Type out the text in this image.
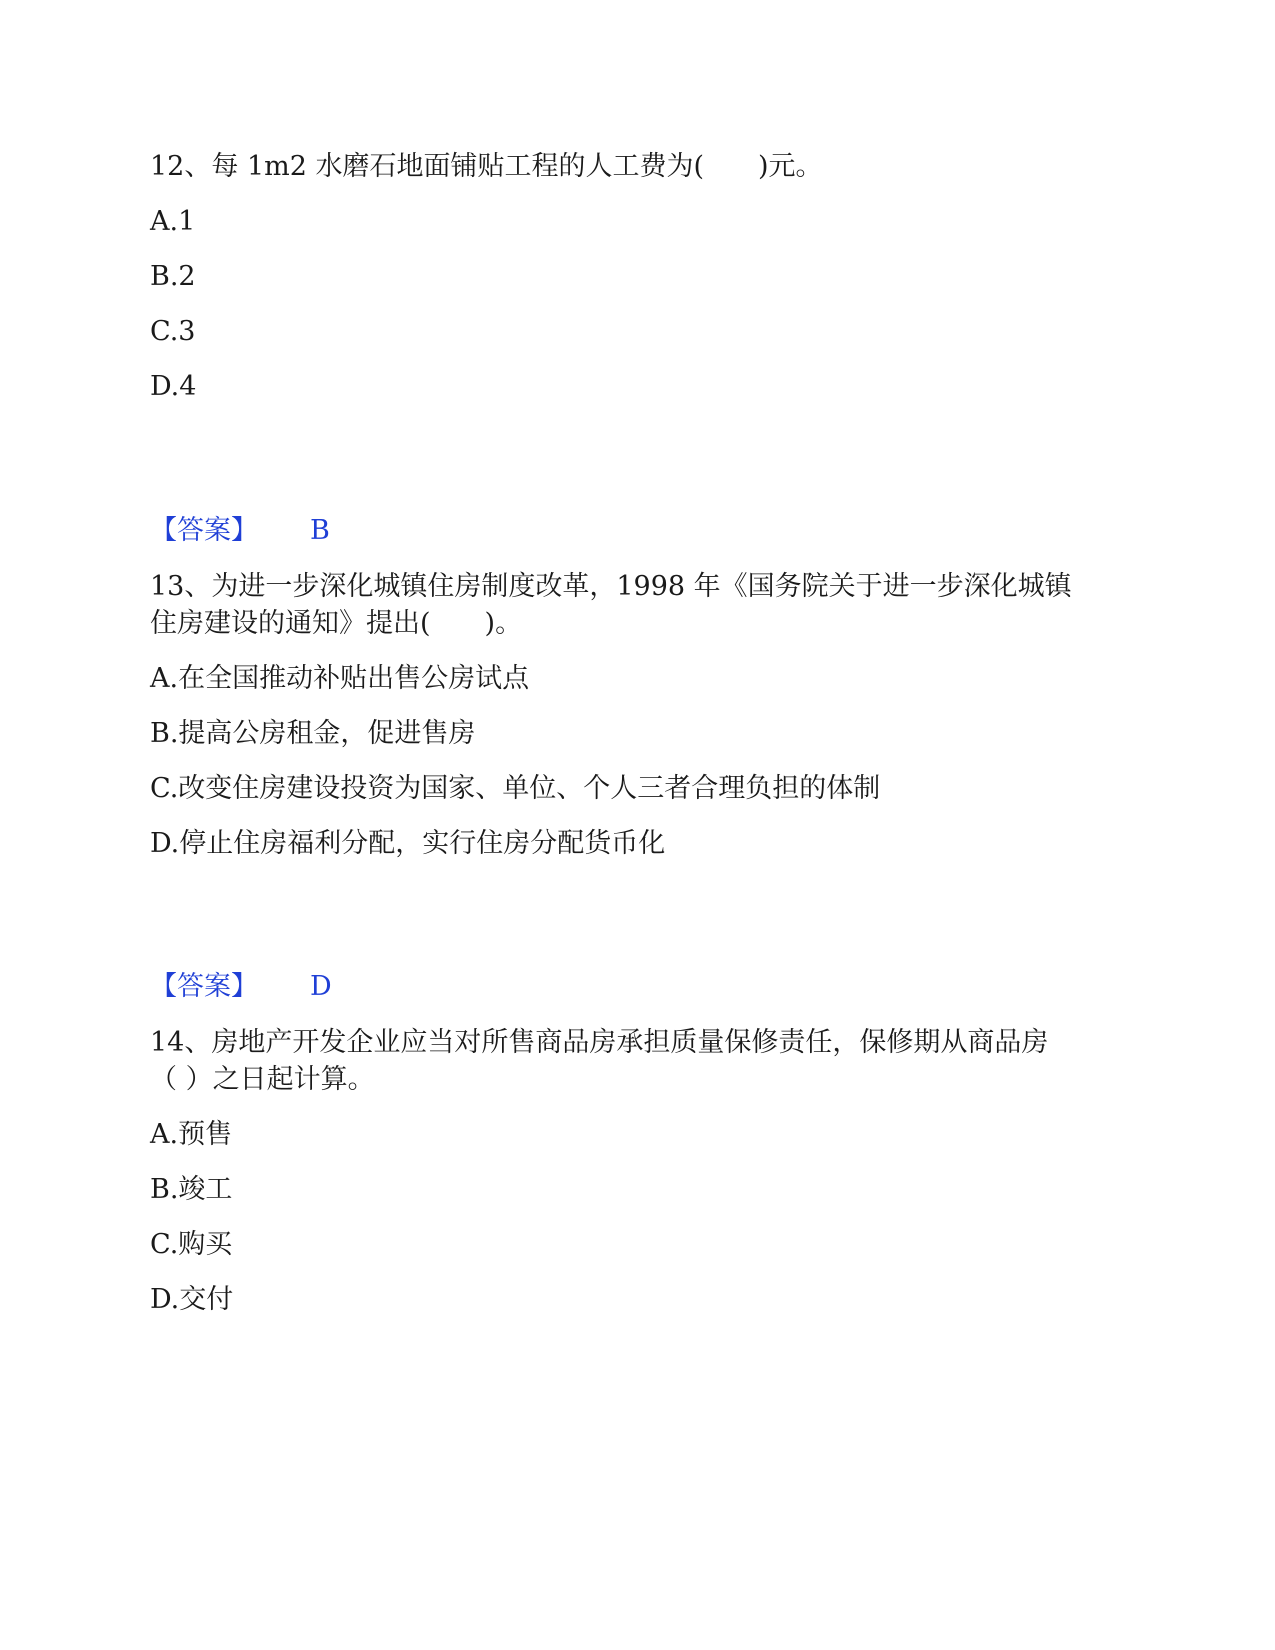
12、每 1m2 水磨石地面铺贴工程的人工费为(　　)元。
A.1
B.2
C.3
D.4
【答案】 B
13、为进一步深化城镇住房制度改革，1998 年《国务院关于进一步深化城镇
住房建设的通知》提出(　　)。
A.在全国推动补贴出售公房试点
B.提高公房租金，促进售房
C.改变住房建设投资为国家、单位、个人三者合理负担的体制
D.停止住房福利分配，实行住房分配货币化
【答案】 D
14、房地产开发企业应当对所售商品房承担质量保修责任，保修期从商品房
（ ）之日起计算。
A.预售
B.竣工
C.购买
D.交付
